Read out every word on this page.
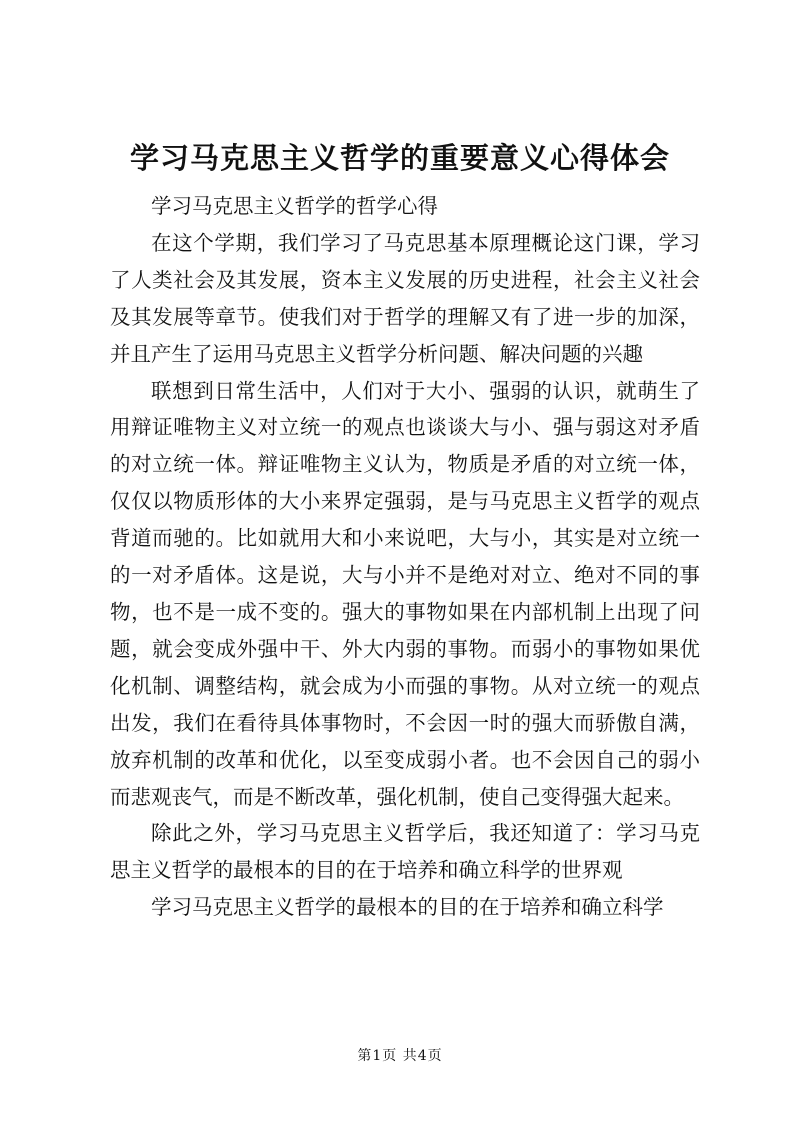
学习马克思主义哲学的重要意义心得体会

学习马克思主义哲学的哲学心得

在这个学期，我们学习了马克思基本原理概论这门课，学习了人类社会及其发展，资本主义发展的历史进程，社会主义社会及其发展等章节。使我们对于哲学的理解又有了进一步的加深，并且产生了运用马克思主义哲学分析问题、解决问题的兴趣

联想到日常生活中，人们对于大小、强弱的认识，就萌生了用辩证唯物主义对立统一的观点也谈谈大与小、强与弱这对矛盾的对立统一体。辩证唯物主义认为，物质是矛盾的对立统一体，仅仅以物质形体的大小来界定强弱，是与马克思主义哲学的观点背道而驰的。比如就用大和小来说吧，大与小，其实是对立统一的一对矛盾体。这是说，大与小并不是绝对对立、绝对不同的事物，也不是一成不变的。强大的事物如果在内部机制上出现了问题，就会变成外强中干、外大内弱的事物。而弱小的事物如果优化机制、调整结构，就会成为小而强的事物。从对立统一的观点出发，我们在看待具体事物时，不会因一时的强大而骄傲自满，放弃机制的改革和优化，以至变成弱小者。也不会因自己的弱小而悲观丧气，而是不断改革，强化机制，使自己变得强大起来。

除此之外，学习马克思主义哲学后，我还知道了：学习马克思主义哲学的最根本的目的在于培养和确立科学的世界观

学习马克思主义哲学的最根本的目的在于培养和确立科学

第1页 共4页
